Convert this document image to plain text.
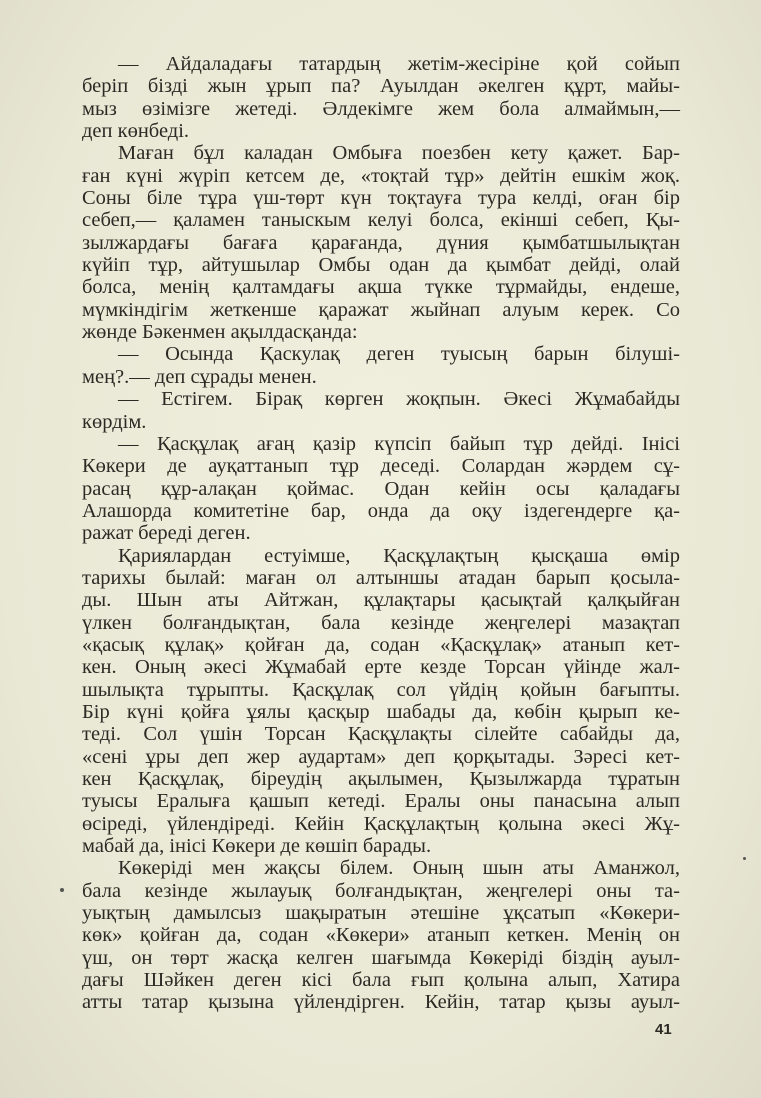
— Айдаладағы татардың жетім-жесіріне қой сойып
беріп бізді жын ұрып па? Ауылдан әкелген құрт, майы-
мыз өзімізге жетеді. Әлдекімге жем бола алмаймын,—
деп көнбеді.
Маған бұл каладан Омбыға поезбен кету қажет. Бар-
ған күні жүріп кетсем де, «тоқтай тұр» дейтін ешкім жоқ.
Соны біле тұра үш-төрт күн тоқтауға тура келді, оған бір
себеп,— қаламен таныскым келуі болса, екінші себеп, Қы-
зылжардағы бағаға қарағанда, дүния қымбатшылықтан
күйіп тұр, айтушылар Омбы одан да қымбат дейді, олай
болса, менің қалтамдағы ақша түкке тұрмайды, ендеше,
мүмкіндігім жеткенше қаражат жыйнап алуым керек. Со
жөнде Бәкенмен ақылдасқанда:
— Осында Қаскулақ деген туысың барын білуші-
мең?.— деп сұрады менен.
— Естігем. Бірақ көрген жоқпын. Әкесі Жұмабайды
көрдім.
— Қасқұлақ ағаң қазір күпсіп байып тұр дейді. Інісі
Көкери де ауқаттанып тұр деседі. Солардан жәрдем сұ-
расаң құр-алақан қоймас. Одан кейін осы қаладағы
Алашорда комитетіне бар, онда да оқу іздегендерге қа-
ражат береді деген.
Қариялардан естуімше, Қасқұлақтың қысқаша өмір
тарихы былай: маған ол алтыншы атадан барып қосыла-
ды. Шын аты Айтжан, құлақтары қасықтай қалқыйған
үлкен болғандықтан, бала кезінде жеңгелері мазақтап
«қасық құлақ» қойған да, содан «Қасқұлақ» атанып кет-
кен. Оның әкесі Жұмабай ерте кезде Торсан үйінде жал-
шылықта тұрыпты. Қасқұлақ сол үйдің қойын бағыпты.
Бір күні қойға ұялы қасқыр шабады да, көбін қырып ке-
теді. Сол үшін Торсан Қасқұлақты сілейте сабайды да,
«сені ұры деп жер аудартам» деп қорқытады. Зәресі кет-
кен Қасқұлақ, біреудің ақылымен, Қызылжарда тұратын
туысы Ералыға қашып кетеді. Ералы оны панасына алып
өсіреді, үйлендіреді. Кейін Қасқұлақтың қолына әкесі Жұ-
мабай да, інісі Көкери де көшіп барады.
Көкеріді мен жақсы білем. Оның шын аты Аманжол,
бала кезінде жылауық болғандықтан, жеңгелері оны та-
уықтың дамылсыз шақыратын әтешіне ұқсатып «Көкери-
көк» қойған да, содан «Көкери» атанып кеткен. Менің он
үш, он төрт жасқа келген шағымда Көкеріді біздің ауыл-
дағы Шәйкен деген кісі бала ғып қолына алып, Хатира
атты татар қызына үйлендірген. Кейін, татар қызы ауыл-
41
